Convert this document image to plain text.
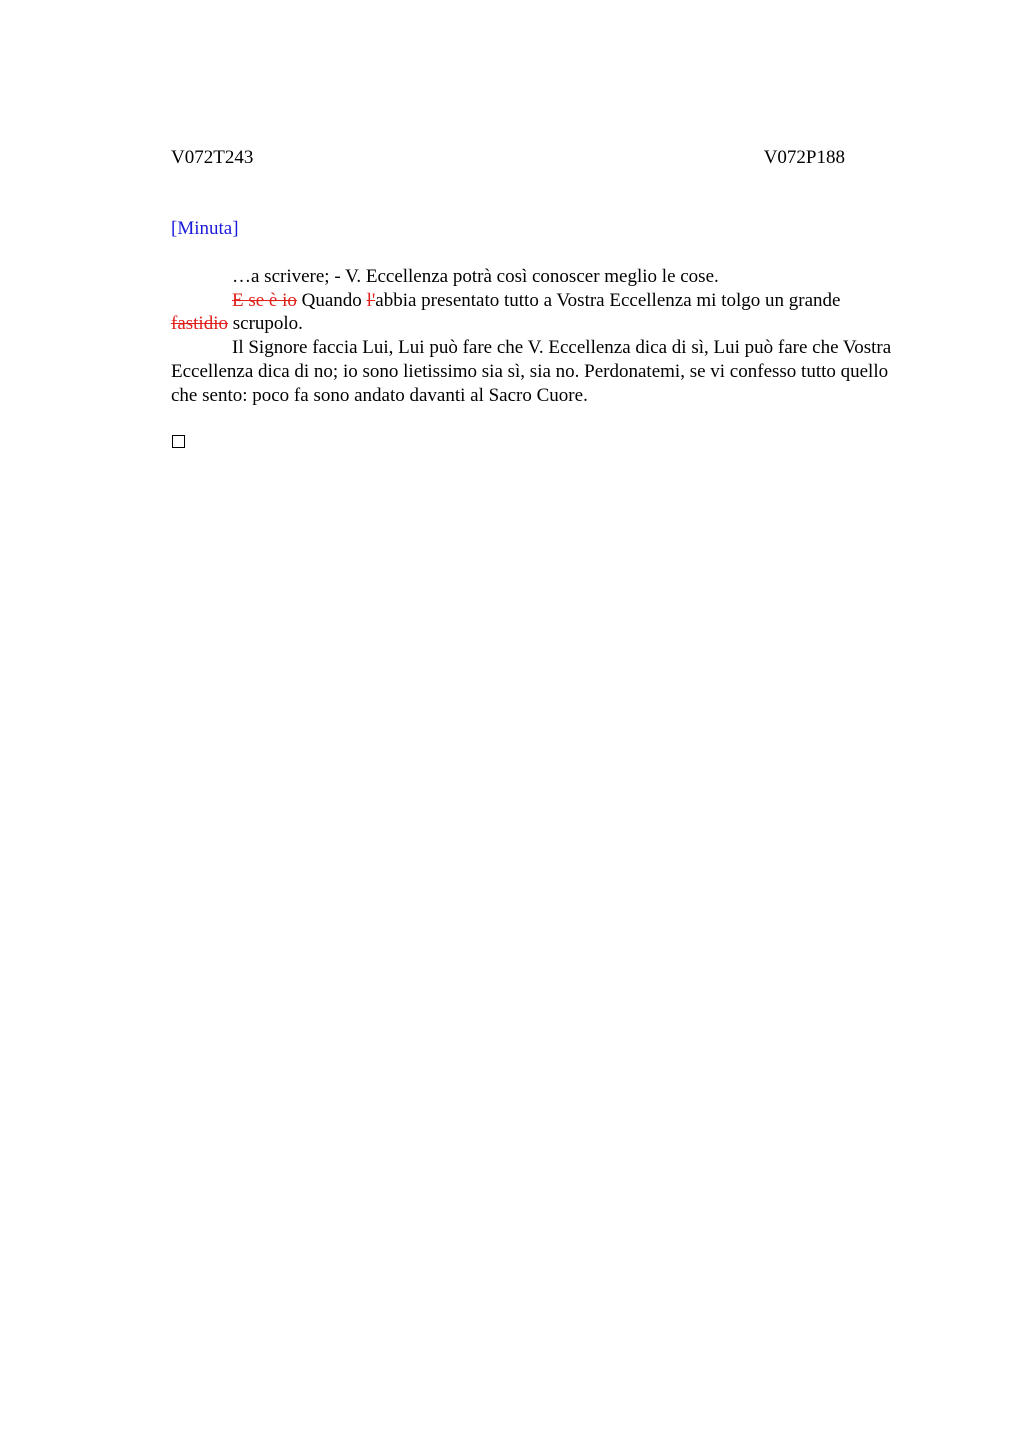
V072T243	V072P188
[Minuta]

…a scrivere; - V. Eccellenza potrà così conoscer meglio le cose.

E se è io Quando l'abbia presentato tutto a Vostra Eccellenza mi tolgo un grande
fastidio scrupolo.

Il Signore faccia Lui, Lui può fare che V. Eccellenza dica di sì, Lui può fare che Vostra Eccellenza dica di no; io sono lietissimo sia sì, sia no. Perdonatemi, se vi confesso tutto quello che sento: poco fa sono andato davanti al Sacro Cuore.
